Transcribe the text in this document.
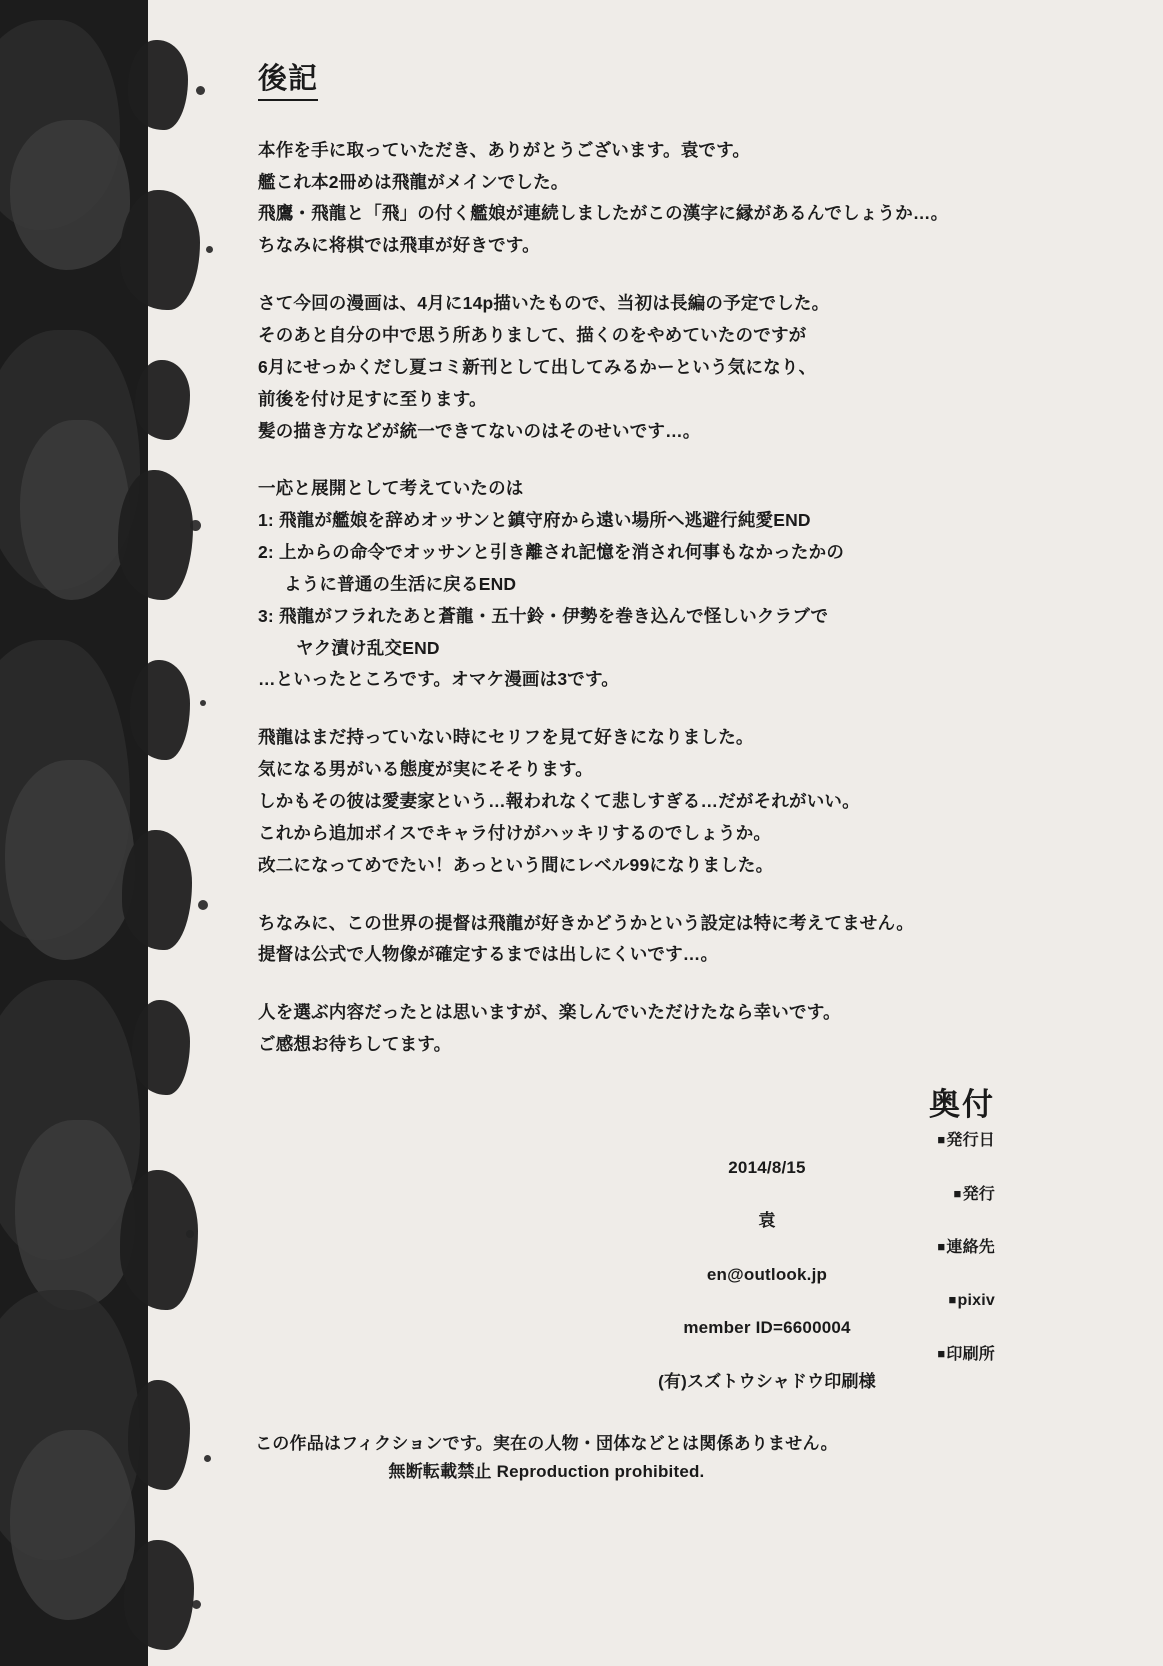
後記
本作を手に取っていただき、ありがとうございます。袁です。
艦これ本2冊めは飛龍がメインでした。
飛鷹・飛龍と「飛」の付く艦娘が連続しましたがこの漢字に縁があるんでしょうか…。
ちなみに将棋では飛車が好きです。
さて今回の漫画は、4月に14p描いたもので、当初は長編の予定でした。
そのあと自分の中で思う所ありまして、描くのをやめていたのですが
6月にせっかくだし夏コミ新刊として出してみるかーという気になり、
前後を付け足すに至ります。
髪の描き方などが統一できてないのはそのせいです…。
一応と展開として考えていたのは
1: 飛龍が艦娘を辞めオッサンと鎮守府から遠い場所へ逃避行純愛END
2: 上からの命令でオッサンと引き離され記憶を消され何事もなかったかの
ように普通の生活に戻るEND
3: 飛龍がフラれたあと蒼龍・五十鈴・伊勢を巻き込んで怪しいクラブで
ヤク漬け乱交END
…といったところです。オマケ漫画は3です。
飛龍はまだ持っていない時にセリフを見て好きになりました。
気になる男がいる態度が実にそそります。
しかもその彼は愛妻家という…報われなくて悲しすぎる…だがそれがいい。
これから追加ボイスでキャラ付けがハッキリするのでしょうか。
改二になってめでたい！あっという間にレベル99になりました。
ちなみに、この世界の提督は飛龍が好きかどうかという設定は特に考えてません。
提督は公式で人物像が確定するまでは出しにくいです…。
人を選ぶ内容だったとは思いますが、楽しんでいただけたなら幸いです。
ご感想お待ちしてます。
奥付
■発行日
2014/8/15
■発行
袁
■連絡先
en@outlook.jp
■pixiv
member ID=6600004
■印刷所
(有)スズトウシャドウ印刷様
この作品はフィクションです。実在の人物・団体などとは関係ありません。
無断転載禁止 Reproduction prohibited.
